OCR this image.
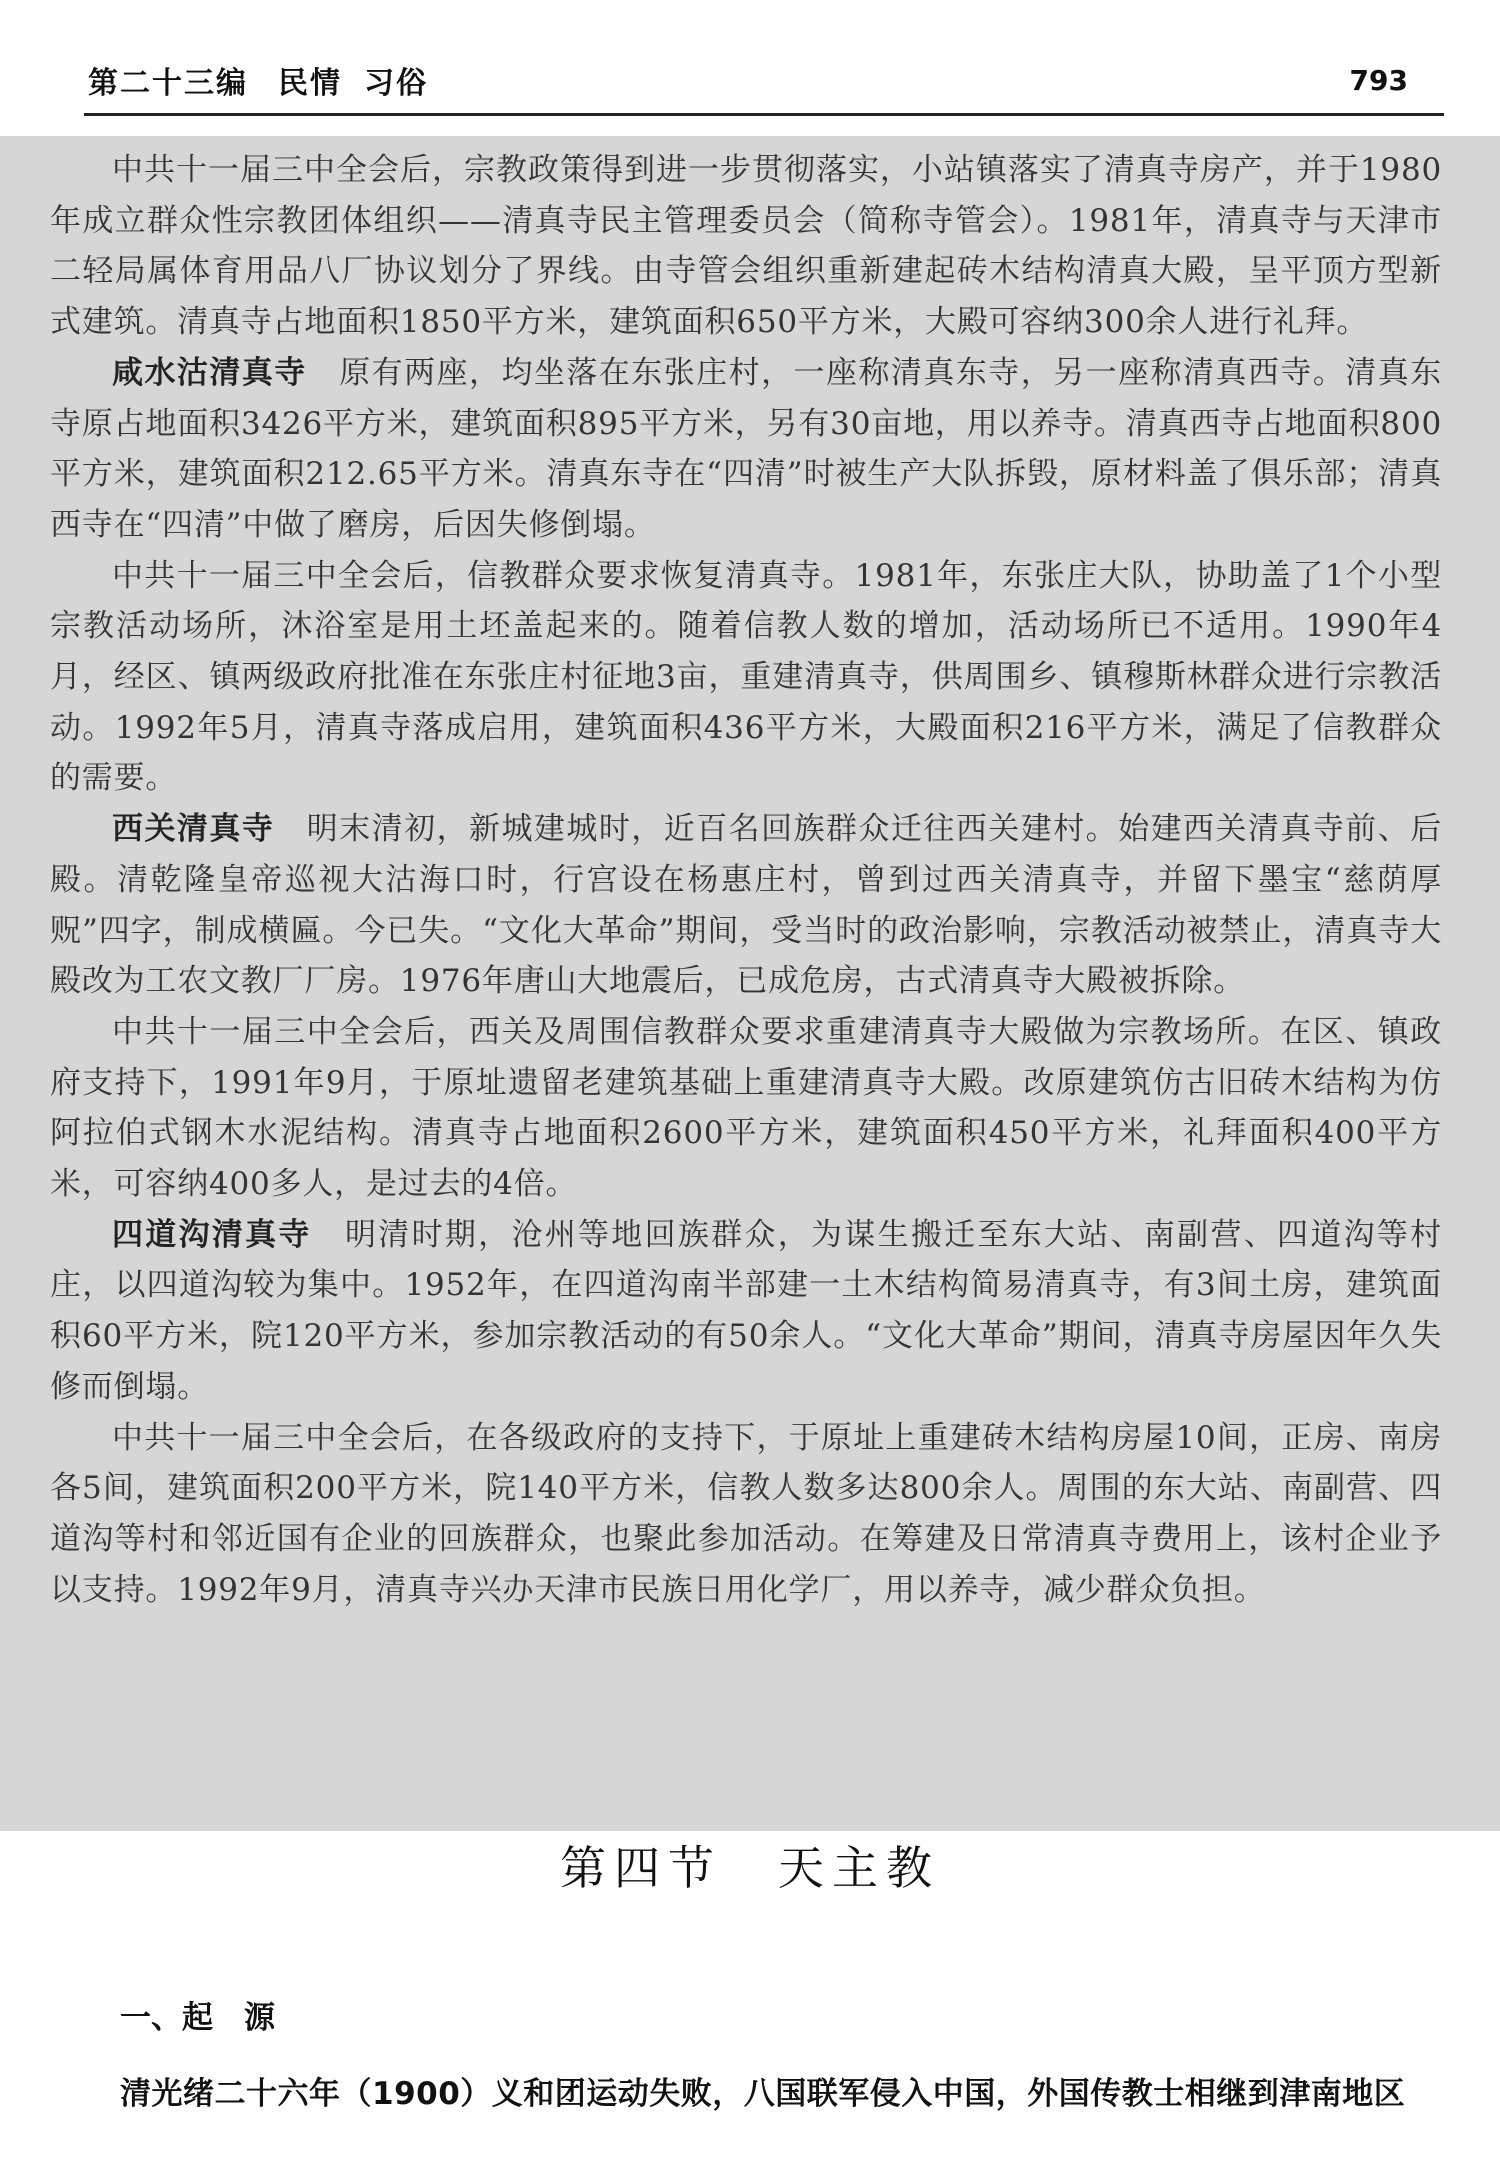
第二十三编 民情 习俗	793

中共十一届三中全会后，宗教政策得到进一步贯彻落实，小站镇落实了清真寺房产，并于1980年成立群众性宗教团体组织——清真寺民主管理委员会（简称寺管会）。1981年，清真寺与天津市二轻局属体育用品八厂协议划分了界线。由寺管会组织重新建起砖木结构清真大殿，呈平顶方型新式建筑。清真寺占地面积1850平方米，建筑面积650平方米，大殿可容纳300余人进行礼拜。

咸水沽清真寺　 原有两座，均坐落在东张庄村，一座称清真东寺，另一座称清真西寺。清真东寺原占地面积3426平方米，建筑面积895平方米，另有30亩地，用以养寺。清真西寺占地面积800平方米，建筑面积212.65平方米。清真东寺在“四清”时被生产大队拆毁，原材料盖了俱乐部；清真西寺在“四清”中做了磨房，后因失修倒塌。

中共十一届三中全会后，信教群众要求恢复清真寺。1981年，东张庄大队，协助盖了1个小型宗教活动场所，沐浴室是用土坯盖起来的。随着信教人数的增加，活动场所已不适用。1990年4月，经区、镇两级政府批准在东张庄村征地3亩，重建清真寺，供周围乡、镇穆斯林群众进行宗教活动。1992年5月，清真寺落成启用，建筑面积436平方米，大殿面积216平方米，满足了信教群众的需要。

西关清真寺　 明末清初，新城建城时，近百名回族群众迁往西关建村。始建西关清真寺前、后殿。清乾隆皇帝巡视大沽海口时，行宫设在杨惠庄村，曾到过西关清真寺，并留下墨宝“慈荫厚贶”四字，制成横匾。今已失。“文化大革命”期间，受当时的政治影响，宗教活动被禁止，清真寺大殿改为工农文教厂厂房。1976年唐山大地震后，已成危房，古式清真寺大殿被拆除。

中共十一届三中全会后，西关及周围信教群众要求重建清真寺大殿做为宗教场所。在区、镇政府支持下，1991年9月，于原址遗留老建筑基础上重建清真寺大殿。改原建筑仿古旧砖木结构为仿阿拉伯式钢木水泥结构。清真寺占地面积2600平方米，建筑面积450平方米，礼拜面积400平方米，可容纳400多人，是过去的4倍。

四道沟清真寺　 明清时期，沧州等地回族群众，为谋生搬迁至东大站、南副营、四道沟等村庄，以四道沟较为集中。1952年，在四道沟南半部建一土木结构简易清真寺，有3间土房，建筑面积60平方米，院120平方米，参加宗教活动的有50余人。“文化大革命”期间，清真寺房屋因年久失修而倒塌。

中共十一届三中全会后，在各级政府的支持下，于原址上重建砖木结构房屋10间，正房、南房各5间，建筑面积200平方米，院140平方米，信教人数多达800余人。周围的东大站、南副营、四道沟等村和邻近国有企业的回族群众，也聚此参加活动。在筹建及日常清真寺费用上，该村企业予以支持。1992年9月，清真寺兴办天津市民族日用化学厂，用以养寺，减少群众负担。

第四节 天主教
一、起　源
清光绪二十六年（1900）义和团运动失败，八国联军侵入中国，外国传教士相继到津南地区
